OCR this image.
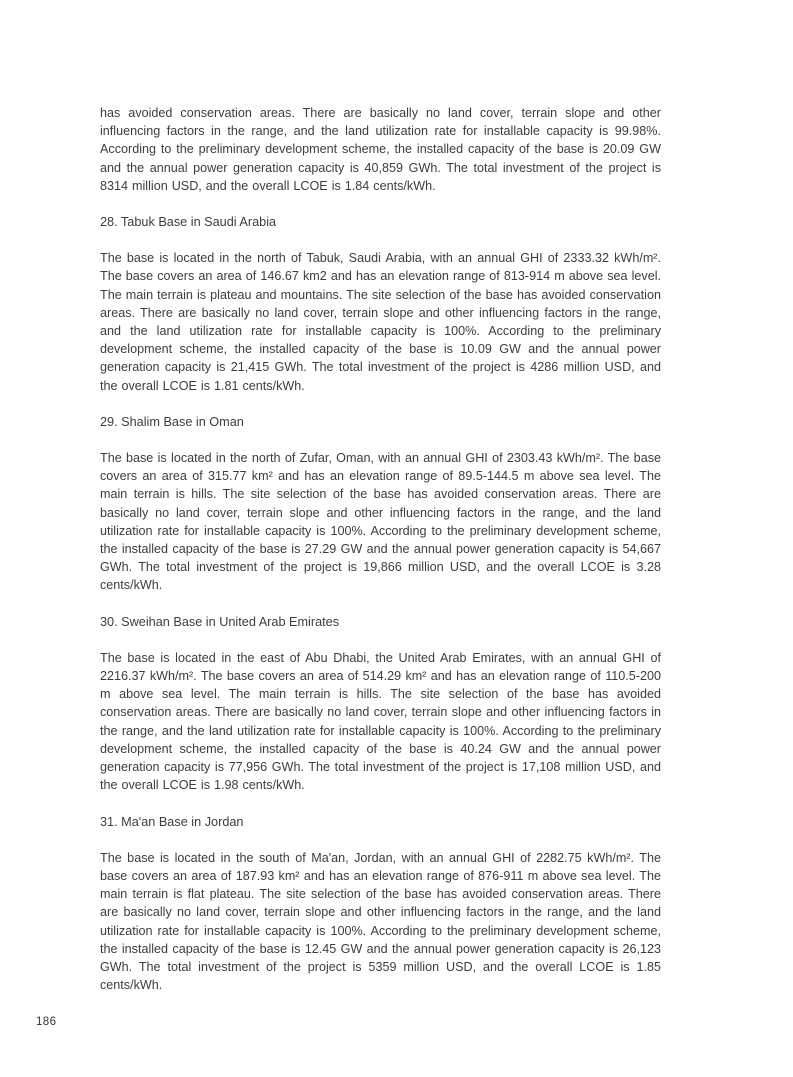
has avoided conservation areas. There are basically no land cover, terrain slope and other influencing factors in the range, and the land utilization rate for installable capacity is 99.98%. According to the preliminary development scheme, the installed capacity of the base is 20.09 GW and the annual power generation capacity is 40,859 GWh. The total investment of the project is 8314 million USD, and the overall LCOE is 1.84 cents/kWh.

28. Tabuk Base in Saudi Arabia

The base is located in the north of Tabuk, Saudi Arabia, with an annual GHI of 2333.32 kWh/m². The base covers an area of 146.67 km2 and has an elevation range of 813-914 m above sea level. The main terrain is plateau and mountains. The site selection of the base has avoided conservation areas. There are basically no land cover, terrain slope and other influencing factors in the range, and the land utilization rate for installable capacity is 100%. According to the preliminary development scheme, the installed capacity of the base is 10.09 GW and the annual power generation capacity is 21,415 GWh. The total investment of the project is 4286 million USD, and the overall LCOE is 1.81 cents/kWh.

29. Shalim Base in Oman

The base is located in the north of Zufar, Oman, with an annual GHI of 2303.43 kWh/m². The base covers an area of 315.77 km² and has an elevation range of 89.5-144.5 m above sea level. The main terrain is hills. The site selection of the base has avoided conservation areas. There are basically no land cover, terrain slope and other influencing factors in the range, and the land utilization rate for installable capacity is 100%. According to the preliminary development scheme, the installed capacity of the base is 27.29 GW and the annual power generation capacity is 54,667 GWh. The total investment of the project is 19,866 million USD, and the overall LCOE is 3.28 cents/kWh.

30. Sweihan Base in United Arab Emirates

The base is located in the east of Abu Dhabi, the United Arab Emirates, with an annual GHI of 2216.37 kWh/m². The base covers an area of 514.29 km² and has an elevation range of 110.5-200 m above sea level. The main terrain is hills. The site selection of the base has avoided conservation areas. There are basically no land cover, terrain slope and other influencing factors in the range, and the land utilization rate for installable capacity is 100%. According to the preliminary development scheme, the installed capacity of the base is 40.24 GW and the annual power generation capacity is 77,956 GWh. The total investment of the project is 17,108 million USD, and the overall LCOE is 1.98 cents/kWh.

31. Ma'an Base in Jordan

The base is located in the south of Ma'an, Jordan, with an annual GHI of 2282.75 kWh/m². The base covers an area of 187.93 km² and has an elevation range of 876-911 m above sea level. The main terrain is flat plateau. The site selection of the base has avoided conservation areas. There are basically no land cover, terrain slope and other influencing factors in the range, and the land utilization rate for installable capacity is 100%. According to the preliminary development scheme, the installed capacity of the base is 12.45 GW and the annual power generation capacity is 26,123 GWh. The total investment of the project is 5359 million USD, and the overall LCOE is 1.85 cents/kWh.

186
